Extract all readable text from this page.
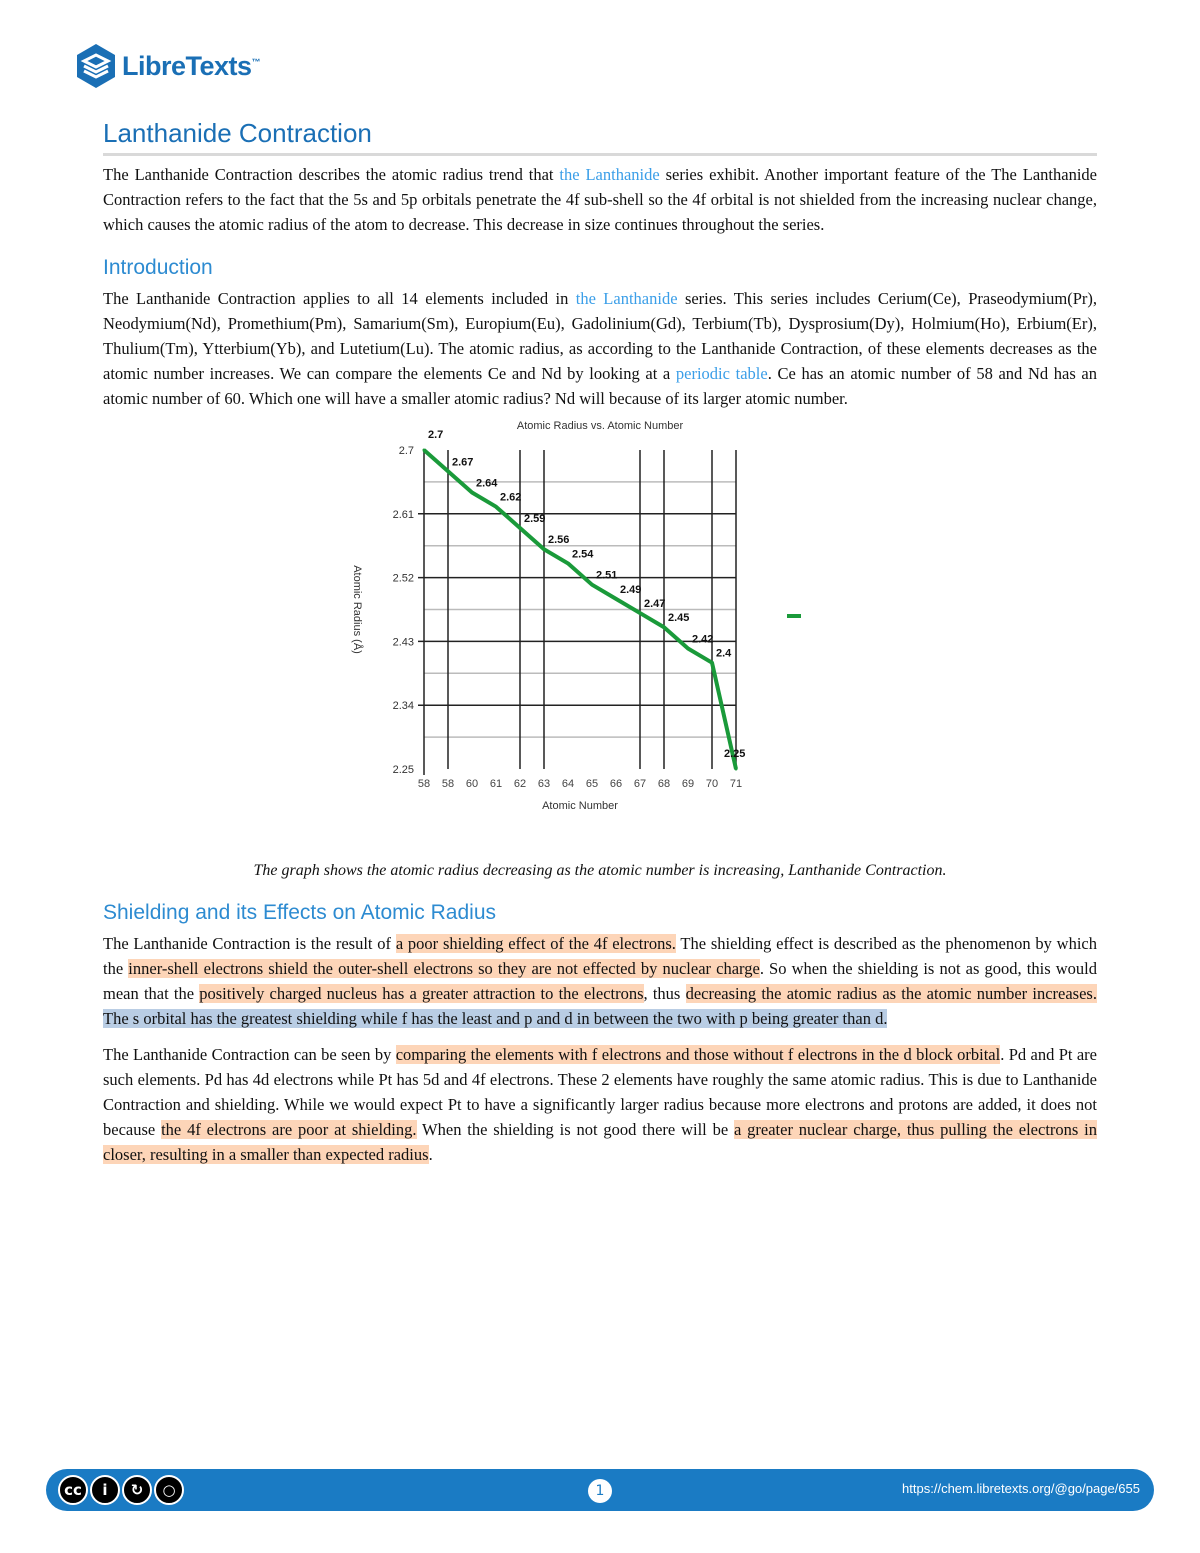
LibreTexts™
Lanthanide Contraction

The Lanthanide Contraction describes the atomic radius trend that the Lanthanide series exhibit. Another important feature of the The Lanthanide Contraction refers to the fact that the 5s and 5p orbitals penetrate the 4f sub-shell so the 4f orbital is not shielded from the increasing nuclear change, which causes the atomic radius of the atom to decrease. This decrease in size continues throughout the series.

Introduction

The Lanthanide Contraction applies to all 14 elements included in the Lanthanide series. This series includes Cerium(Ce), Praseodymium(Pr), Neodymium(Nd), Promethium(Pm), Samarium(Sm), Europium(Eu), Gadolinium(Gd), Terbium(Tb), Dysprosium(Dy), Holmium(Ho), Erbium(Er), Thulium(Tm), Ytterbium(Yb), and Lutetium(Lu). The atomic radius, as according to the Lanthanide Contraction, of these elements decreases as the atomic number increases. We can compare the elements Ce and Nd by looking at a periodic table. Ce has an atomic number of 58 and Nd has an atomic number of 60. Which one will have a smaller atomic radius? Nd will because of its larger atomic number.

2.25
2.34
2.43
2.52
2.61
2.7
58 58 60 61 62 63 64 65 66 67 68 69 70 71
2.7
2.67
2.64
2.62
2.59
2.56
2.54
2.51
2.49
2.47
2.45
2.42
2.4
2.25
Atomic Radius vs. Atomic Number
Atomic Number
Atomic Radius (Å)

The graph shows the atomic radius decreasing as the atomic number is increasing, Lanthanide Contraction.

Shielding and its Effects on Atomic Radius

The Lanthanide Contraction is the result of a poor shielding effect of the 4f electrons. The shielding effect is described as the phenomenon by which the inner-shell electrons shield the outer-shell electrons so they are not effected by nuclear charge. So when the shielding is not as good, this would mean that the positively charged nucleus has a greater attraction to the electrons, thus decreasing the atomic radius as the atomic number increases. The s orbital has the greatest shielding while f has the least and p and d in between the two with p being greater than d.

The Lanthanide Contraction can be seen by comparing the elements with f electrons and those without f electrons in the d block orbital. Pd and Pt are such elements. Pd has 4d electrons while Pt has 5d and 4f electrons. These 2 elements have roughly the same atomic radius. This is due to Lanthanide Contraction and shielding. While we would expect Pt to have a significantly larger radius because more electrons and protons are added, it does not because the 4f electrons are poor at shielding. When the shielding is not good there will be a greater nuclear charge, thus pulling the electrons in closer, resulting in a smaller than expected radius.

cc	i	↻	○	1	https://chem.libretexts.org/@go/page/655
